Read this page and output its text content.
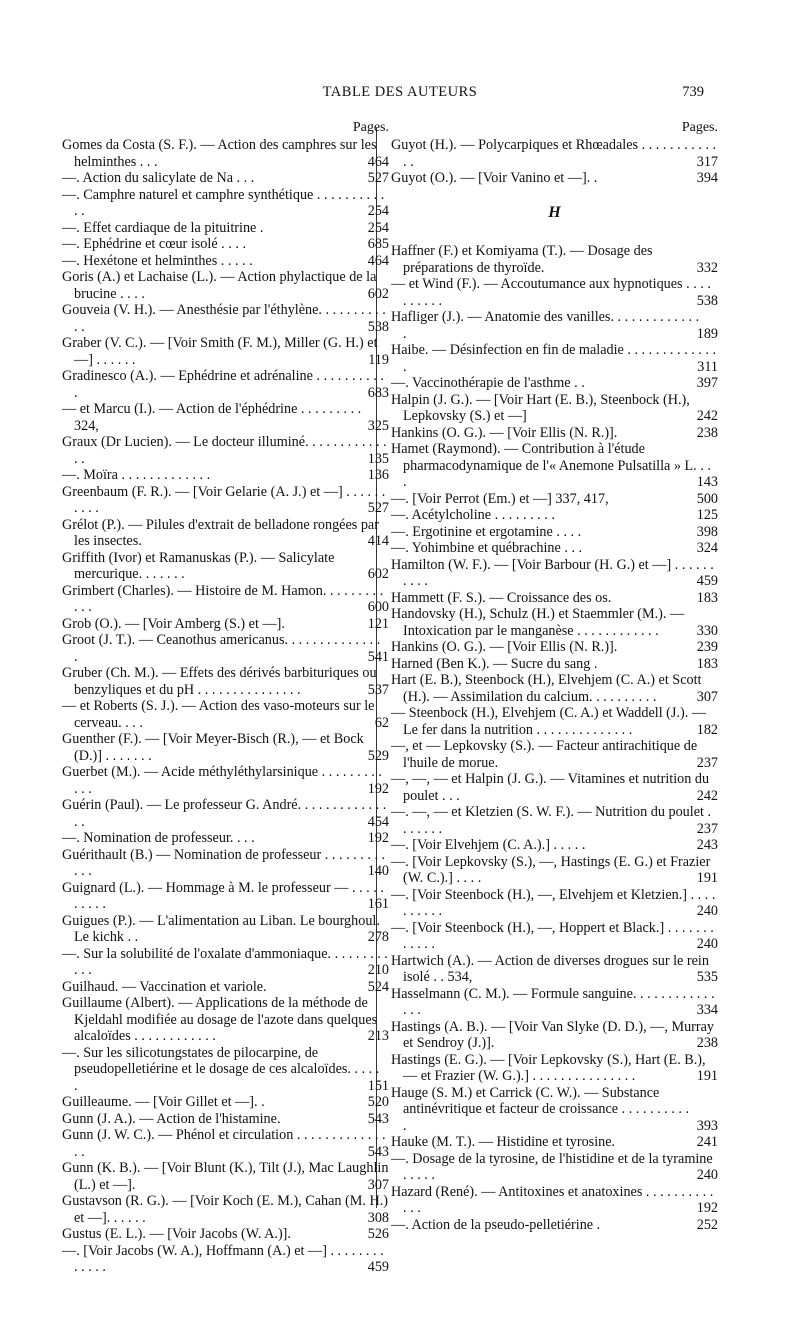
TABLE DES AUTEURS	739
Pages.
Gomes da Costa (S. F.). — Action des camphres sur les helminthes . . .	464
—. Action du salicylate de Na . . .	527
—. Camphre naturel et camphre synthétique . . . . . . . . . . . .	254
—. Effet cardiaque de la pituitrine .	254
—. Ephédrine et cœur isolé . . . .	685
—. Hexétone et helminthes . . . . .	464
Goris (A.) et Lachaise (L.). — Action phylactique de la brucine . . . .	602
Gouveia (V. H.). — Anesthésie par l'éthylène. . . . . . . . . . . .	538
Graber (V. C.). — [Voir Smith (F. M.), Miller (G. H.) et —] . . . . . .	119
Gradinesco (A.). — Ephédrine et adrénaline . . . . . . . . . . .	683
— et Marcu (I.). — Action de l'éphédrine . . . . . . . . . 324,	325
Graux (Dr Lucien). — Le docteur illuminé. . . . . . . . . . . . . .	135
—. Moïra . . . . . . . . . . . . .	136
Greenbaum (F. R.). — [Voir Gelarie (A. J.) et —] . . . . . . . . . .	527
Grélot (P.). — Pilules d'extrait de belladone rongées par les insectes.	414
Griffith (Ivor) et Ramanuskas (P.). — Salicylate mercurique. . . . . . .	602
Grimbert (Charles). — Histoire de M. Hamon. . . . . . . . . . . .	600
Grob (O.). — [Voir Amberg (S.) et —].	121
Groot (J. T.). — Ceanothus americanus. . . . . . . . . . . . . . .	541
Gruber (Ch. M.). — Effets des dérivés barbituriques ou benzyliques et du pH . . . . . . . . . . . . . . .	537
— et Roberts (S. J.). — Action des vaso-moteurs sur le cerveau. . . .	62
Guenther (F.). — [Voir Meyer-Bisch (R.), — et Bock (D.)] . . . . . . .	529
Guerbet (M.). — Acide méthyléthylarsinique . . . . . . . . . . . .	192
Guérin (Paul). — Le professeur G. André. . . . . . . . . . . . . . .	454
—. Nomination de professeur. . . .	192
Guérithault (B.) — Nomination de professeur . . . . . . . . . . . .	140
Guignard (L.). — Hommage à M. le professeur — . . . . . . . . . .	161
Guigues (P.). — L'alimentation au Liban. Le bourghoul. Le kichk . .	278
—. Sur la solubilité de l'oxalate d'ammoniaque. . . . . . . . . . . .	210
Guilhaud. — Vaccination et variole.	524
Guillaume (Albert). — Applications de la méthode de Kjeldahl modifiée au dosage de l'azote dans quelques alcaloïdes . . . . . . . . . . . .	213
—. Sur les silicotungstates de pilocarpine, de pseudopelletiérine et le dosage de ces alcaloïdes. . . . . .	151
Guilleaume. — [Voir Gillet et —]. .	520
Gunn (J. A.). — Action de l'histamine.	543
Gunn (J. W. C.). — Phénol et circulation . . . . . . . . . . . . . . .	543
Gunn (K. B.). — [Voir Blunt (K.), Tilt (J.), Mac Laughlin (L.) et —].	307
Gustavson (R. G.). — [Voir Koch (E. M.), Cahan (M. H.) et —]. . . . . .	308
Gustus (E. L.). — [Voir Jacobs (W. A.)].	526
—. [Voir Jacobs (W. A.), Hoffmann (A.) et —] . . . . . . . . . . . . .	459
Pages.
Guyot (H.). — Polycarpiques et Rhœadales . . . . . . . . . . . . .	317
Guyot (O.). — [Voir Vanino et —]. .	394
H
Haffner (F.) et Komiyama (T.). — Dosage des préparations de thyroïde.	332
— et Wind (F.). — Accoutumance aux hypnotiques . . . . . . . . . .	538
Hafliger (J.). — Anatomie des vanilles. . . . . . . . . . . . . .	189
Haibe. — Désinfection en fin de maladie . . . . . . . . . . . . . .	311
—. Vaccinothérapie de l'asthme . .	397
Halpin (J. G.). — [Voir Hart (E. B.), Steenbock (H.), Lepkovsky (S.) et —]	242
Hankins (O. G.). — [Voir Ellis (N. R.)].	238
Hamet (Raymond). — Contribution à l'étude pharmacodynamique de l'« Anemone Pulsatilla » L. . . .	143
—. [Voir Perrot (Em.) et —] 337, 417,	500
—. Acétylcholine . . . . . . . . .	125
—. Ergotinine et ergotamine . . . .	398
—. Yohimbine et québrachine . . .	324
Hamilton (W. F.). — [Voir Barbour (H. G.) et —] . . . . . . . . . .	459
Hammett (F. S.). — Croissance des os.	183
Handovsky (H.), Schulz (H.) et Staemmler (M.). — Intoxication par le manganèse . . . . . . . . . . . .	330
Hankins (O. G.). — [Voir Ellis (N. R.)].	239
Harned (Ben K.). — Sucre du sang .	183
Hart (E. B.), Steenbock (H.), Elvehjem (C. A.) et Scott (H.). — Assimilation du calcium. . . . . . . . . .	307
— Steenbock (H.), Elvehjem (C. A.) et Waddell (J.). — Le fer dans la nutrition . . . . . . . . . . . . . .	182
—, et — Lepkovsky (S.). — Facteur antirachitique de l'huile de morue.	237
—, —, — et Halpin (J. G.). — Vitamines et nutrition du poulet . . .	242
—. —, — et Kletzien (S. W. F.). — Nutrition du poulet . . . . . . .	237
—. [Voir Elvehjem (C. A.).] . . . . .	243
—. [Voir Lepkovsky (S.), —, Hastings (E. G.) et Frazier (W. C.).] . . . .	191
—. [Voir Steenbock (H.), —, Elvehjem et Kletzien.] . . . . . . . . . .	240
—. [Voir Steenbock (H.), —, Hoppert et Black.] . . . . . . . . . . . .	240
Hartwich (A.). — Action de diverses drogues sur le rein isolé . . 534,	535
Hasselmann (C. M.). — Formule sanguine. . . . . . . . . . . . . . .	334
Hastings (A. B.). — [Voir Van Slyke (D. D.), —, Murray et Sendroy (J.)].	238
Hastings (E. G.). — [Voir Lepkovsky (S.), Hart (E. B.), — et Frazier (W. G.).] . . . . . . . . . . . . . . .	191
Hauge (S. M.) et Carrick (C. W.). — Substance antinévritique et facteur de croissance . . . . . . . . . . .	393
Hauke (M. T.). — Histidine et tyrosine.	241
—. Dosage de la tyrosine, de l'histidine et de la tyramine . . . . .	240
Hazard (René). — Antitoxines et anatoxines . . . . . . . . . . . . .	192
—. Action de la pseudo-pelletiérine .	252
